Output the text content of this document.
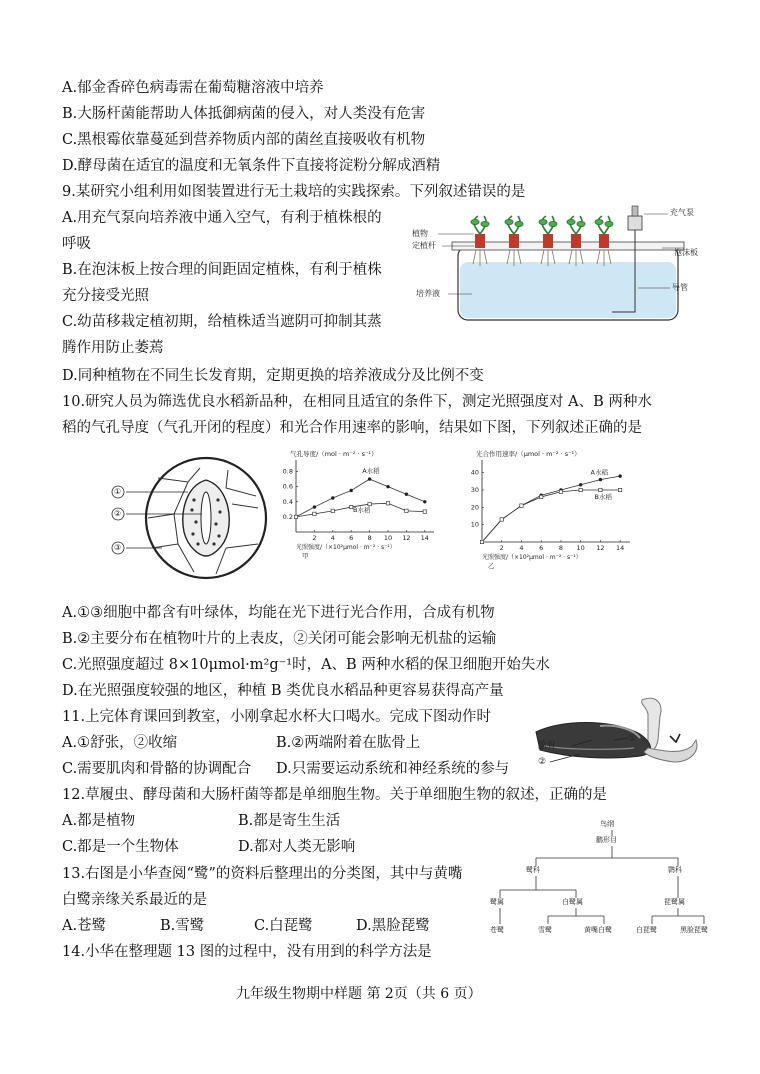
A.郁金香碎色病毒需在葡萄糖溶液中培养
B.大肠杆菌能帮助人体抵御病菌的侵入，对人类没有危害
C.黑根霉依靠蔓延到营养物质内部的菌丝直接吸收有机物
D.酵母菌在适宜的温度和无氧条件下直接将淀粉分解成酒精
9.某研究小组利用如图装置进行无土栽培的实践探索。下列叙述错误的是
A.用充气泵向培养液中通入空气，有利于植株根的
呼吸
B.在泡沫板上按合理的间距固定植株，有利于植株
充分接受光照
C.幼苗移栽定植初期，给植株适当遮阴可抑制其蒸
腾作用防止萎蔫
D.同种植物在不同生长发育期，定期更换的培养液成分及比例不变
充气泵
植物
定植杆
泡沫板
培养液
导管
10.研究人员为筛选优良水稻新品种，在相同且适宜的条件下，测定光照强度对 A、B 两种水
稻的气孔导度（气孔开闭的程度）和光合作用速率的影响，结果如下图，下列叙述正确的是
①
②
③
气孔导度/（mol · m⁻² · s⁻¹）
2 4 6 8 10 12 14
0.2
0.4
0.6
0.8	A水稻
B水稻
光照强度/（×10²μmol · m⁻² · s⁻¹）
甲
光合作用速率/（μmol · m⁻² · s⁻¹）
2 4 6 8 10 12 14
10
20
30
40	A水稻
B水稻
光照强度/（×10²μmol · m⁻² · s⁻¹）
乙
A.①③细胞中都含有叶绿体，均能在光下进行光合作用，合成有机物
B.②主要分布在植物叶片的上表皮，②关闭可能会影响无机盐的运输
C.光照强度超过 8×10μmol·m²g⁻¹时，A、B 两种水稻的保卫细胞开始失水
D.在光照强度较强的地区，种植 B 类优良水稻品种更容易获得高产量
11.上完体育课回到教室，小刚拿起水杯大口喝水。完成下图动作时
A.①舒张，②收缩	B.②两端附着在肱骨上
C.需要肌肉和骨骼的协调配合 D.只需要运动系统和神经系统的参与
肱骨
①
②
12.草履虫、酵母菌和大肠杆菌等都是单细胞生物。关于单细胞生物的叙述，正确的是
A.都是植物	B.都是寄生生活
C.都是一个生物体	D.都对人类无影响
13.右图是小华查阅“鹭”的资料后整理出的分类图，其中与黄嘴
白鹭亲缘关系最近的是
A.苍鹭	B.雪鹭	C.白琵鹭	D.黑脸琵鹭
鸟纲
鹳形目
鹭科	鹮科
鹭属	白鹭属	琵鹭属
苍鹭	雪鹭	黄嘴白鹭	白琵鹭	黑脸琵鹭
14.小华在整理题 13 图的过程中，没有用到的科学方法是
九年级生物期中样题 第 2页（共 6 页）
